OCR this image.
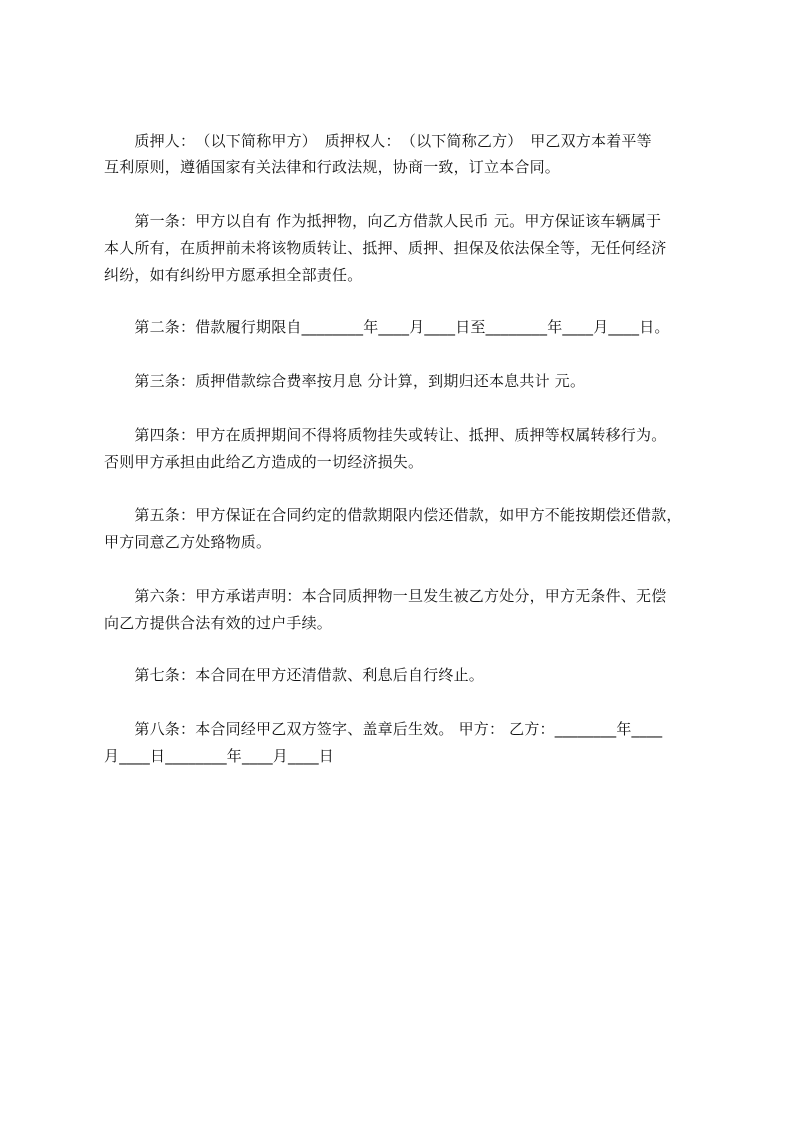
　　质押人：　（以下简称甲方）　质押权人：　（以下简称乙方）　甲乙双方本着平等
互利原则，遵循国家有关法律和行政法规，协商一致，订立本合同。
　　第一条：甲方以自有 作为抵押物，向乙方借款人民币 元。甲方保证该车辆属于
本人所有，在质押前未将该物质转让、抵押、质押、担保及依法保全等，无任何经济
纠纷，如有纠纷甲方愿承担全部责任。
　　第二条：借款履行期限自________年____月____日至________年____月____日。
　　第三条：质押借款综合费率按月息 分计算，到期归还本息共计 元。
　　第四条：甲方在质押期间不得将质物挂失或转让、抵押、质押等权属转移行为。
否则甲方承担由此给乙方造成的一切经济损失。
　　第五条：甲方保证在合同约定的借款期限内偿还借款，如甲方不能按期偿还借款，
甲方同意乙方处臵物质。
　　第六条：甲方承诺声明：本合同质押物一旦发生被乙方处分，甲方无条件、无偿
向乙方提供合法有效的过户手续。
　　第七条：本合同在甲方还清借款、利息后自行终止。
　　第八条：本合同经甲乙双方签字、盖章后生效。 甲方： 乙方：________年____
月____日________年____月____日
